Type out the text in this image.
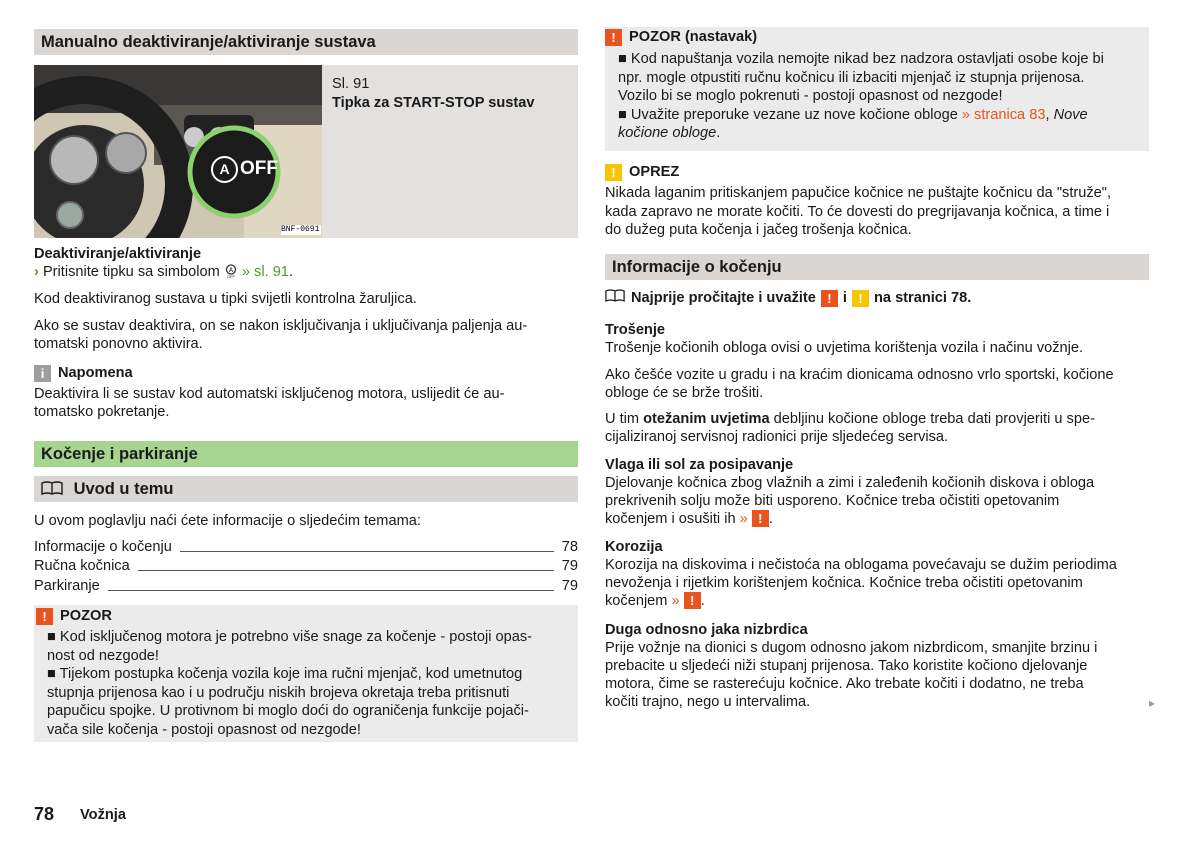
Manualno deaktiviranje/aktiviranje sustava
A OFF
BNF-0691

Sl. 91

Tipka za START-STOP sustav

Deaktiviranje/aktiviranje

› Pritisnite tipku sa simbolom A
OFF » sl. 91.

Kod deaktiviranog sustava u tipki svijetli kontrolna žaruljica.

Ako se sustav deaktivira, on se nakon isključivanja i uključivanja paljenja au-

tomatski ponovno aktivira.

i Napomena

Deaktivira li se sustav kod automatski isključenog motora, uslijedit će au-

tomatsko pokretanje.

Kočenje i parkiranje
Uvod u temu

U ovom poglavlju naći ćete informacije o sljedećim temama:

Informacije o kočenju	78
Ručna kočnica	79
Parkiranje	79
! POZOR

■ Kod isključenog motora je potrebno više snage za kočenje - postoji opas-

nost od nezgode!

■ Tijekom postupka kočenja vozila koje ima ručni mjenjač, kod umetnutog

stupnja prijenosa kao i u području niskih brojeva okretaja treba pritisnuti

papučicu spojke. U protivnom bi moglo doći do ograničenja funkcije pojači-

vača sile kočenja - postoji opasnost od nezgode!

! POZOR (nastavak)

■ Kod napuštanja vozila nemojte nikad bez nadzora ostavljati osobe koje bi

npr. mogle otpustiti ručnu kočnicu ili izbaciti mjenjač iz stupnja prijenosa.

Vozilo bi se moglo pokrenuti - postoji opasnost od nezgode!

■ Uvažite preporuke vezane uz nove kočione obloge » stranica 83, Nove

kočione obloge.

! OPREZ

Nikada laganim pritiskanjem papučice kočnice ne puštajte kočnicu da "struže",

kada zapravo ne morate kočiti. To će dovesti do pregrijavanja kočnica, a time i

do dužeg puta kočenja i jačeg trošenja kočnica.

Informacije o kočenju

Najprije pročitajte i uvažite ! i ! na stranici 78.

Trošenje

Trošenje kočionih obloga ovisi o uvjetima korištenja vozila i načinu vožnje.

Ako češće vozite u gradu i na kraćim dionicama odnosno vrlo sportski, kočione

obloge će se brže trošiti.

U tim otežanim uvjetima debljinu kočione obloge treba dati provjeriti u spe-

cijaliziranoj servisnoj radionici prije sljedećeg servisa.

Vlaga ili sol za posipavanje

Djelovanje kočnica zbog vlažnih a zimi i zaleđenih kočionih diskova i obloga

prekrivenih solju može biti usporeno. Kočnice treba očistiti opetovanim

kočenjem i osušiti ih » ! .

Korozija

Korozija na diskovima i nečistoća na oblogama povećavaju se dužim periodima

nevoženja i rijetkim korištenjem kočnica. Kočnice treba očistiti opetovanim

kočenjem » ! .

Duga odnosno jaka nizbrdica

Prije vožnje na dionici s dugom odnosno jakom nizbrdicom, smanjite brzinu i

prebacite u sljedeći niži stupanj prijenosa. Tako koristite kočiono djelovanje

motora, čime se rasterećuju kočnice. Ako trebate kočiti i dodatno, ne treba

kočiti trajno, nego u intervalima.	▸
78 Vožnja
